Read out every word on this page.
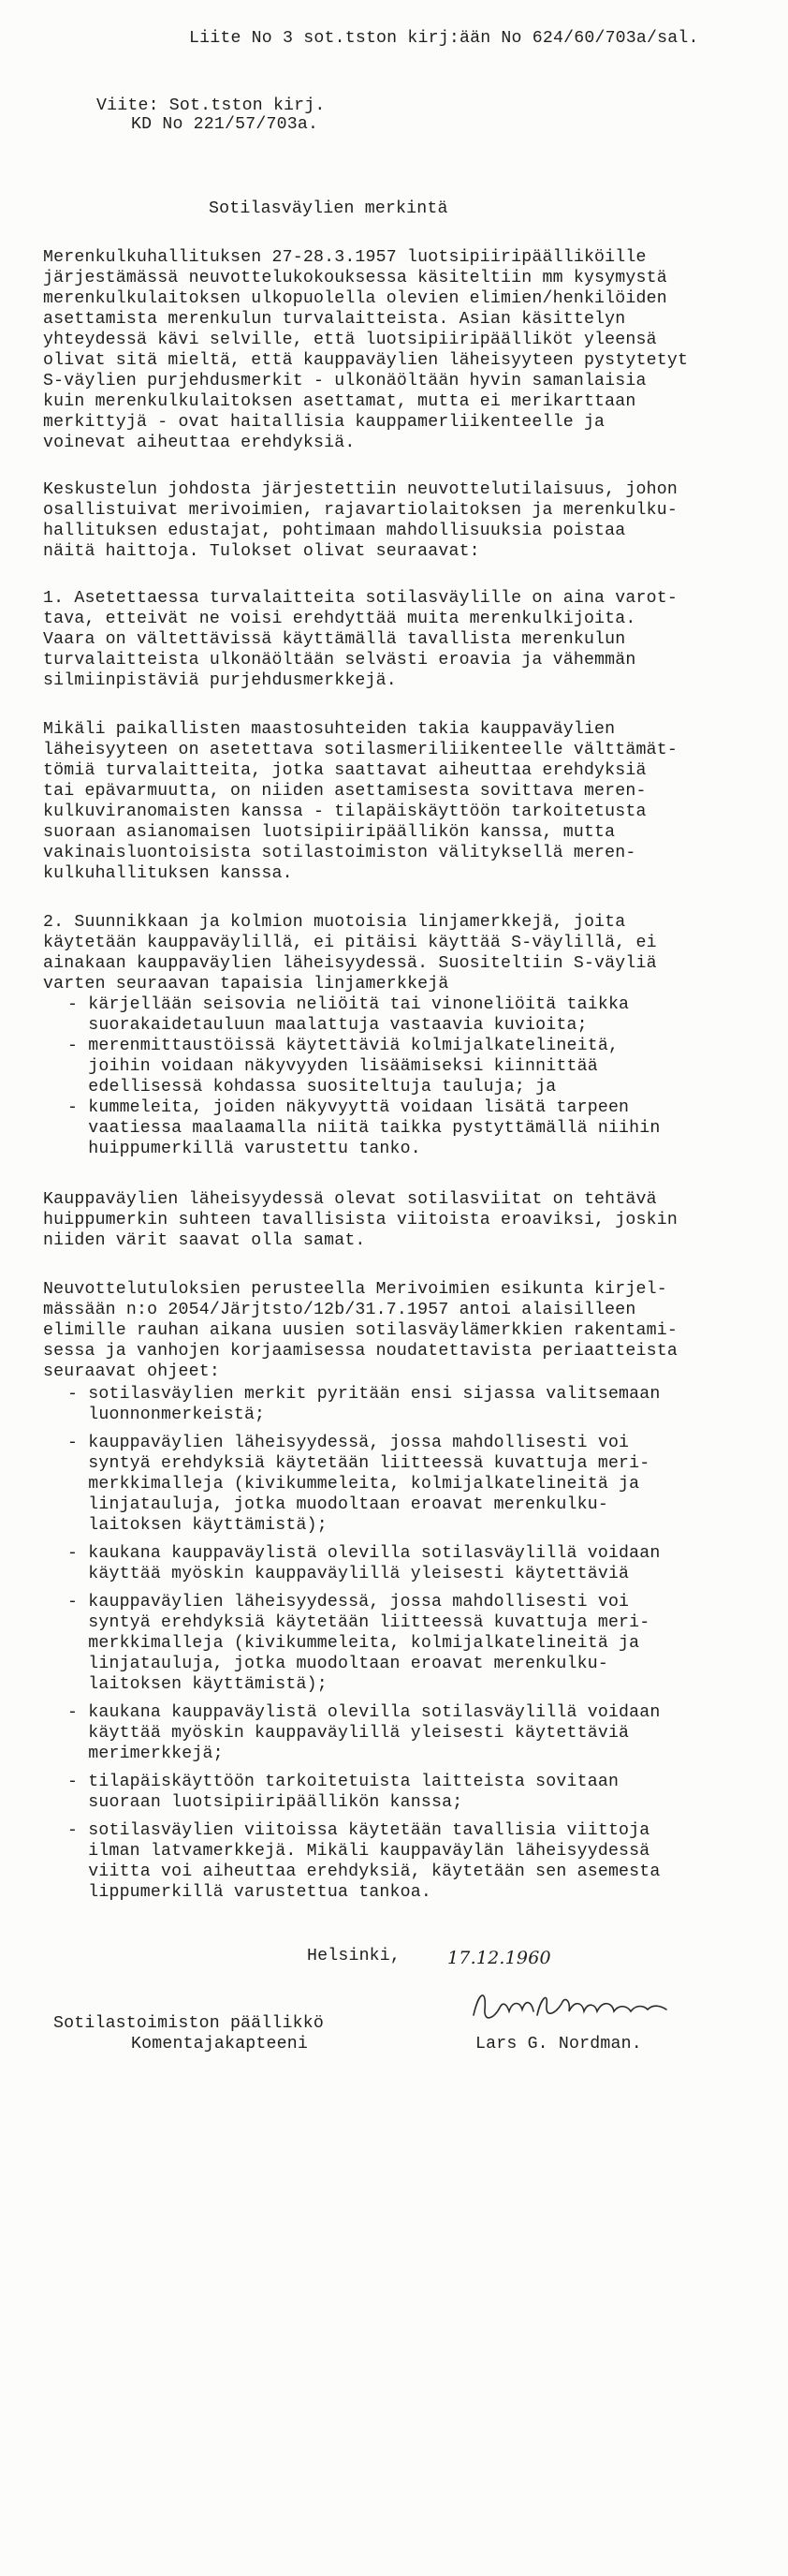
Liite No 3 sot.tston kirj:ään No 624/60/703a/sal.
Viite: Sot.tston kirj.
KD No 221/57/703a.
Sotilasväylien merkintä
Merenkulkuhallituksen 27-28.3.1957 luotsipiiripäälliköille
järjestämässä neuvottelukokouksessa käsiteltiin mm kysymystä
merenkulkulaitoksen ulkopuolella olevien elimien/henkilöiden
asettamista merenkulun turvalaitteista. Asian käsittelyn
yhteydessä kävi selville, että luotsipiiripäälliköt yleensä
olivat sitä mieltä, että kauppaväylien läheisyyteen pystytetyt
S-väylien purjehdusmerkit - ulkonäöltään hyvin samanlaisia
kuin merenkulkulaitoksen asettamat, mutta ei merikarttaan
merkittyjä - ovat haitallisia kauppamerliikenteelle ja
voinevat aiheuttaa erehdyksiä.
Keskustelun johdosta järjestettiin neuvottelutilaisuus, johon
osallistuivat merivoimien, rajavartiolaitoksen ja merenkulku-
hallituksen edustajat, pohtimaan mahdollisuuksia poistaa
näitä haittoja. Tulokset olivat seuraavat:
1. Asetettaessa turvalaitteita sotilasväylille on aina varot-
tava, etteivät ne voisi erehdyttää muita merenkulkijoita.
Vaara on vältettävissä käyttämällä tavallista merenkulun
turvalaitteista ulkonäöltään selvästi eroavia ja vähemmän
silmiinpistäviä purjehdusmerkkejä.
Mikäli paikallisten maastosuhteiden takia kauppaväylien
läheisyyteen on asetettava sotilasmeriliikenteelle välttämät-
tömiä turvalaitteita, jotka saattavat aiheuttaa erehdyksiä
tai epävarmuutta, on niiden asettamisesta sovittava meren-
kulkuviranomaisten kanssa - tilapäiskäyttöön tarkoitetusta
suoraan asianomaisen luotsipiiripäällikön kanssa, mutta
vakinaisluontoisista sotilastoimiston välityksellä meren-
kulkuhallituksen kanssa.
2. Suunnikkaan ja kolmion muotoisia linjamerkkejä, joita
käytetään kauppaväylillä, ei pitäisi käyttää S-väylillä, ei
ainakaan kauppaväylien läheisyydessä. Suositeltiin S-väyliä
varten seuraavan tapaisia linjamerkkejä
- kärjellään seisovia neliöitä tai vinoneliöitä taikka
suorakaidetauluun maalattuja vastaavia kuvioita;
- merenmittaustöissä käytettäviä kolmijalkatelineitä,
joihin voidaan näkyvyyden lisäämiseksi kiinnittää
edellisessä kohdassa suositeltuja tauluja; ja
- kummeleita, joiden näkyvyyttä voidaan lisätä tarpeen
vaatiessa maalaamalla niitä taikka pystyttämällä niihin
huippumerkillä varustettu tanko.
Kauppaväylien läheisyydessä olevat sotilasviitat on tehtävä
huippumerkin suhteen tavallisista viitoista eroaviksi, joskin
niiden värit saavat olla samat.
Neuvottelutuloksien perusteella Merivoimien esikunta kirjel-
mässään n:o 2054/Järjtsto/12b/31.7.1957 antoi alaisilleen
elimille rauhan aikana uusien sotilasväylämerkkien rakentami-
sessa ja vanhojen korjaamisessa noudatettavista periaatteista
seuraavat ohjeet:
- sotilasväylien merkit pyritään ensi sijassa valitsemaan
luonnonmerkeistä;
- kauppaväylien läheisyydessä, jossa mahdollisesti voi
syntyä erehdyksiä käytetään liitteessä kuvattuja meri-
merkkimalleja (kivikummeleita, kolmijalkatelineitä ja
linjatauluja, jotka muodoltaan eroavat merenkulku-
laitoksen käyttämistä);
- kaukana kauppaväylistä olevilla sotilasväylillä voidaan
käyttää myöskin kauppaväylillä yleisesti käytettäviä
- kauppaväylien läheisyydessä, jossa mahdollisesti voi
syntyä erehdyksiä käytetään liitteessä kuvattuja meri-
merkkimalleja (kivikummeleita, kolmijalkatelineitä ja
linjatauluja, jotka muodoltaan eroavat merenkulku-
laitoksen käyttämistä);
- kaukana kauppaväylistä olevilla sotilasväylillä voidaan
käyttää myöskin kauppaväylillä yleisesti käytettäviä
merimerkkejä;
- tilapäiskäyttöön tarkoitetuista laitteista sovitaan
suoraan luotsipiiripäällikön kanssa;
- sotilasväylien viitoissa käytetään tavallisia viittoja
ilman latvamerkkejä. Mikäli kauppaväylän läheisyydessä
viitta voi aiheuttaa erehdyksiä, käytetään sen asemesta
lippumerkillä varustettua tankoa.
Helsinki,	17.12.1960
Sotilastoimiston päällikkö
Komentajakapteeni	Lars G. Nordman.
